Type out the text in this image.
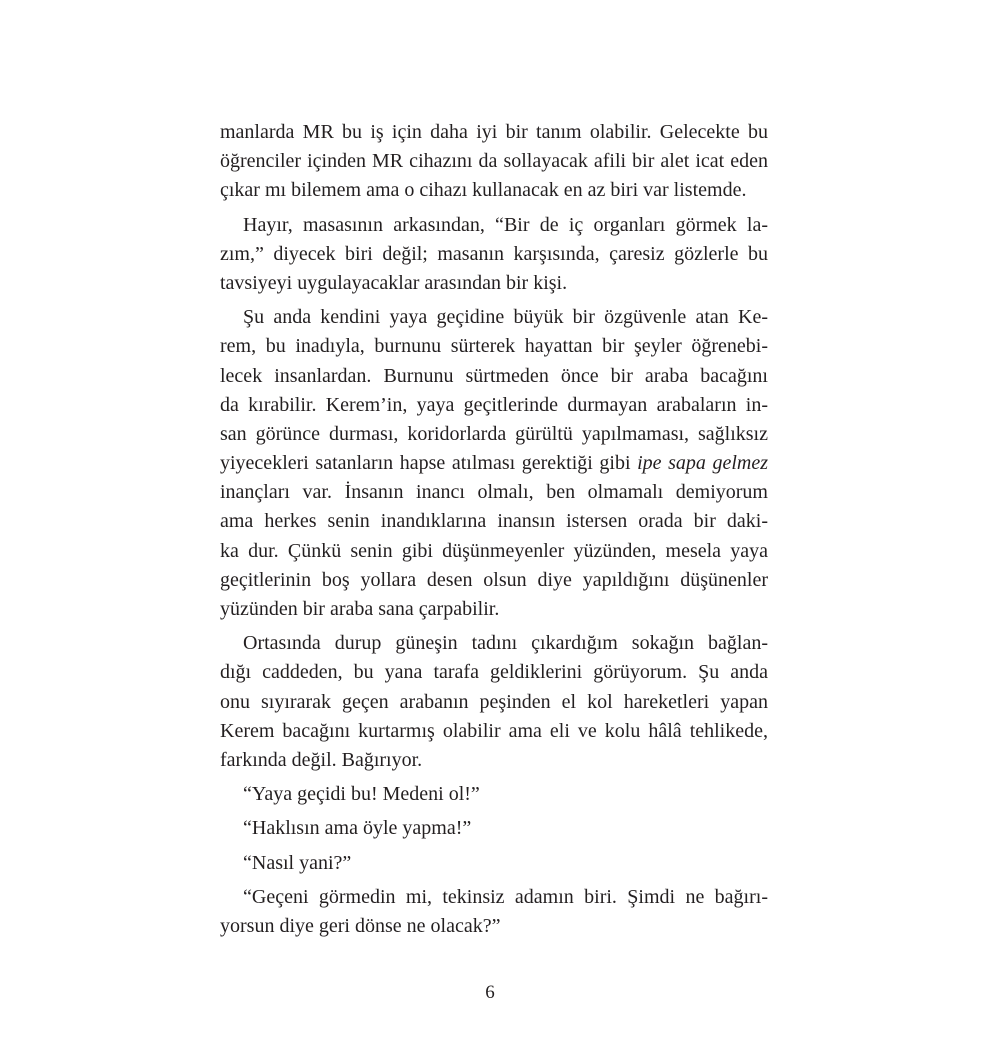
manlarda MR bu iş için daha iyi bir tanım olabilir. Gelecekte bu
öğrenciler içinden MR cihazını da sollayacak afili bir alet icat eden
çıkar mı bilemem ama o cihazı kullanacak en az biri var listemde.
Hayır, masasının arkasından, “Bir de iç organları görmek la-
zım,” diyecek biri değil; masanın karşısında, çaresiz gözlerle bu
tavsiyeyi uygulayacaklar arasından bir kişi.
Şu anda kendini yaya geçidine büyük bir özgüvenle atan Ke-
rem, bu inadıyla, burnunu sürterek hayattan bir şeyler öğrenebi-
lecek insanlardan. Burnunu sürtmeden önce bir araba bacağını
da kırabilir. Kerem’in, yaya geçitlerinde durmayan arabaların in-
san görünce durması, koridorlarda gürültü yapılmaması, sağlıksız
yiyecekleri satanların hapse atılması gerektiği gibi ipe sapa gelmez
inançları var. İnsanın inancı olmalı, ben olmamalı demiyorum
ama herkes senin inandıklarına inansın istersen orada bir daki-
ka dur. Çünkü senin gibi düşünmeyenler yüzünden, mesela yaya
geçitlerinin boş yollara desen olsun diye yapıldığını düşünenler
yüzünden bir araba sana çarpabilir.
Ortasında durup güneşin tadını çıkardığım sokağın bağlan-
dığı caddeden, bu yana tarafa geldiklerini görüyorum. Şu anda
onu sıyırarak geçen arabanın peşinden el kol hareketleri yapan
Kerem bacağını kurtarmış olabilir ama eli ve kolu hâlâ tehlikede,
farkında değil. Bağırıyor.
“Yaya geçidi bu! Medeni ol!”
“Haklısın ama öyle yapma!”
“Nasıl yani?”
“Geçeni görmedin mi, tekinsiz adamın biri. Şimdi ne bağırı-
yorsun diye geri dönse ne olacak?”
6
